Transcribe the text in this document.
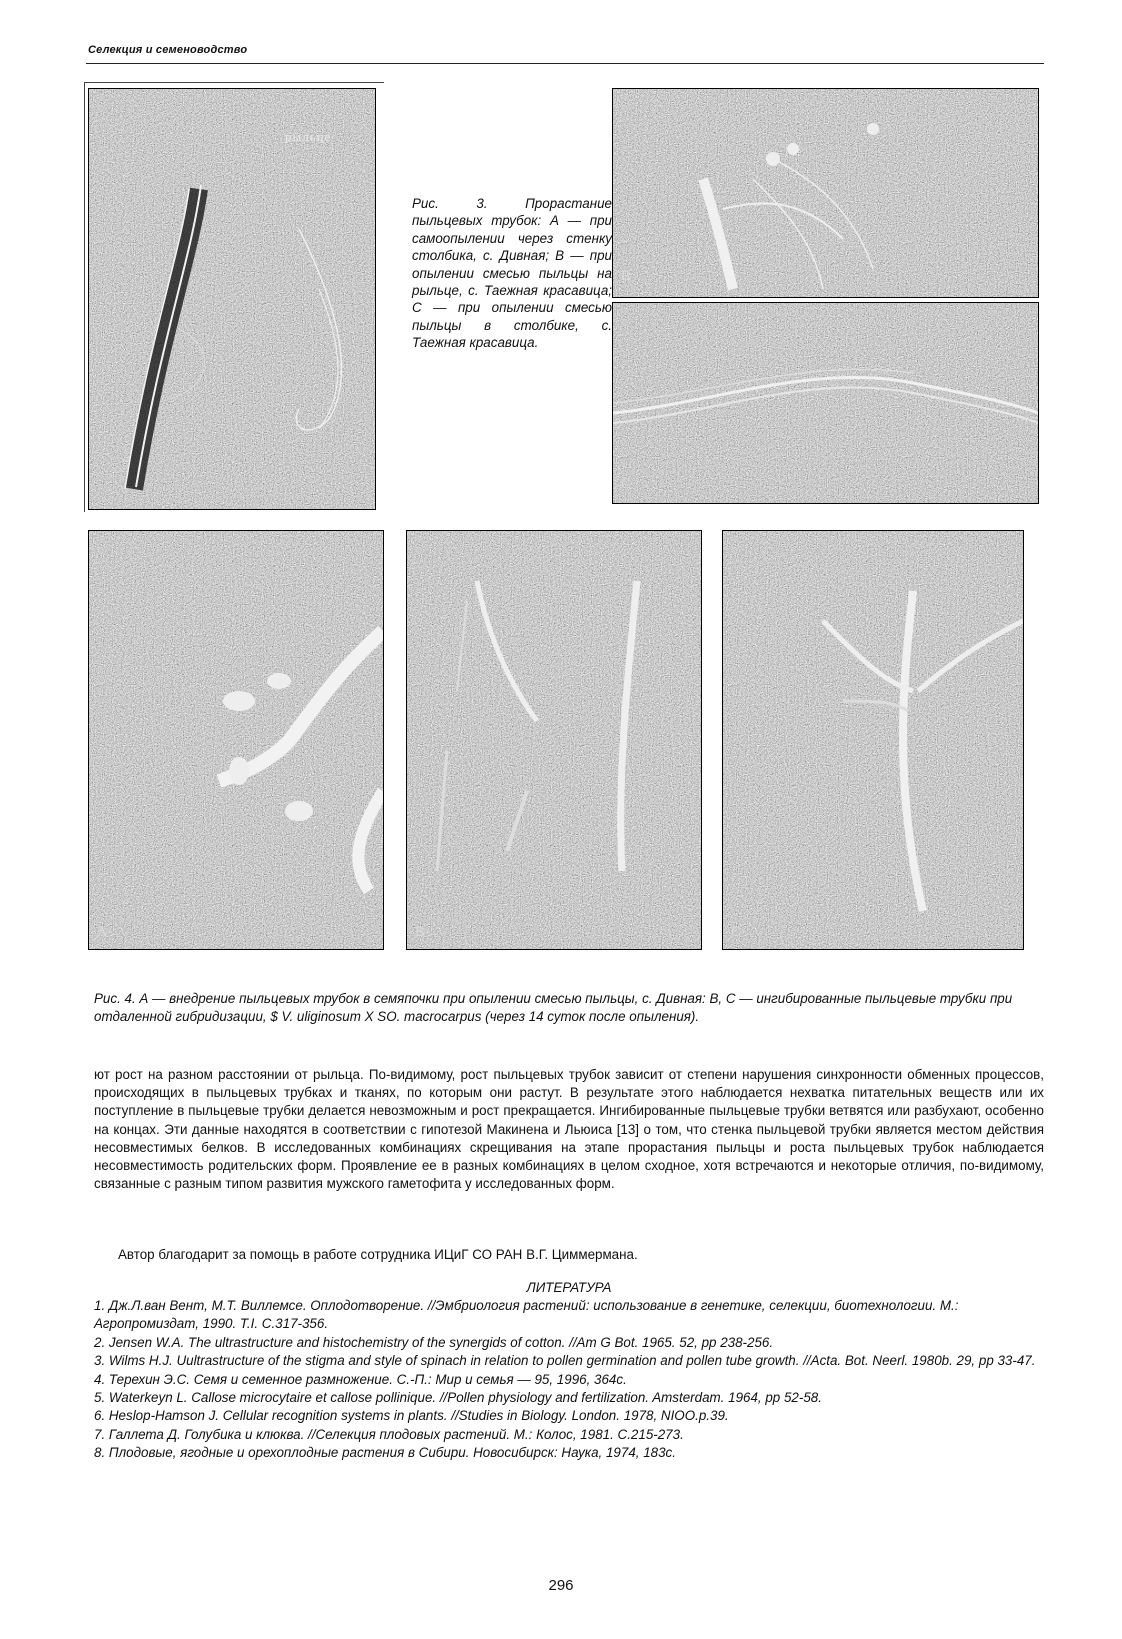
Селекция и семеноводство
рыльце
Рис. 3. Прорастание пыльцевых трубок: А — при самоопылении через стенку столбика, с. Дивная; В — при опылении смесью пыльцы на рыльце, с. Таежная красавица; С — при опылении смесью пыльцы в столбике, с. Таежная красавица.
В
С
А	В	С
Рис. 4. А — внедрение пыльцевых трубок в семяпочки при опылении смесью пыльцы, с. Дивная: В, С — ингибированные пыльцевые трубки при отдаленной гибридизации, $ V. uliginosum X SO. macrocarpus (через 14 суток после опыления).

ют рост на разном расстоянии от рыльца. По-видимому, рост пыльцевых трубок зависит от степени нарушения синхронности обменных процессов, происходящих в пыльцевых трубках и тканях, по которым они растут. В результате этого наблюдается нехватка питательных веществ или их поступление в пыльцевые трубки делается невозможным и рост прекращается. Ингибированные пыльцевые трубки ветвятся или разбухают, особенно на концах. Эти данные находятся в соответствии с гипотезой Макинена и Льюиса [13] о том, что стенка пыльцевой трубки является местом действия несовместимых белков. В исследованных комбинациях скрещивания на этапе прорастания пыльцы и роста пыльцевых трубок наблюдается несовместимость родительских форм. Проявление ее в разных комбинациях в целом сходное, хотя встречаются и некоторые отличия, по-видимому, связанные с разным типом развития мужского гаметофита у исследованных форм.

Автор благодарит за помощь в работе сотрудника ИЦиГ СО РАН В.Г. Циммермана.
ЛИТЕРАТУРА
1. Дж.Л.ван Вент, М.Т. Виллемсе. Оплодотворение. //Эмбриология растений: использование в генетике, селекции, биотехнологии. М.: Агропромиздат, 1990. Т.I. С.317-356.
2. Jensen W.A. The ultrastructure and histochemistry of the synergids of cotton. //Am G Bot. 1965. 52, pp 238-256.
3. Wilms H.J. Uultrastructure of the stigma and style of spinach in relation to pollen germination and pollen tube growth. //Acta. Bot. Neerl. 1980b. 29, pp 33-47.
4. Терехин Э.С. Семя и семенное размножение. С.-П.: Мир и семья — 95, 1996, 364с.
5. Waterkeyn L. Callose microcytaire et callose pollinique. //Pollen physiology and fertilization. Amsterdam. 1964, pp 52-58.
6. Heslop-Hamson J. Cellular recognition systems in plants. //Studies in Biology. London. 1978, NIOO.p.39.
7. Галлета Д. Голубика и клюква. //Селекция плодовых растений. М.: Колос, 1981. С.215-273.
8. Плодовые, ягодные и орехоплодные растения в Сибири. Новосибирск: Наука, 1974, 183с.
296
